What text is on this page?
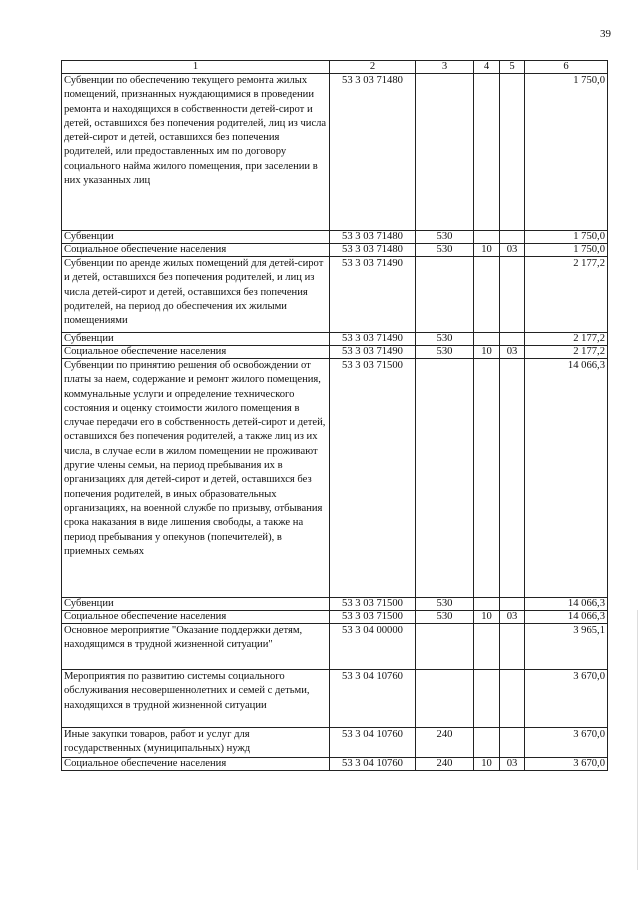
39
1	2	3	4	5	6
Субвенции по обеспечению текущего ремонта жилых помещений, признанных нуждающимися в проведении ремонта и находящихся в собственности детей-сирот и детей, оставшихся без попечения родителей, лиц из числа детей-сирот и детей, оставшихся без попечения родителей, или предоставленных им по договору социального найма жилого помещения, при заселении в них указанных лиц	53 3 03 71480				1 750,0
Субвенции	53 3 03 71480	530			1 750,0
Социальное обеспечение населения	53 3 03 71480	530	10	03	1 750,0
Субвенции по аренде жилых помещений для детей-сирот и детей, оставшихся без попечения родителей, и лиц из числа детей-сирот и детей, оставшихся без попечения родителей, на период до обеспечения их жилыми помещениями	53 3 03 71490				2 177,2
Субвенции	53 3 03 71490	530			2 177,2
Социальное обеспечение населения	53 3 03 71490	530	10	03	2 177,2
Субвенции по принятию решения об освобождении от платы за наем, содержание и ремонт жилого помещения, коммунальные услуги и определение технического состояния и оценку стоимости жилого помещения в случае передачи его в собственность детей-сирот и детей, оставшихся без попечения родителей, а также лиц из их числа, в случае если в жилом помещении не проживают другие члены семьи, на период пребывания их в организациях для детей-сирот и детей, оставшихся без попечения родителей, в иных образовательных организациях, на военной службе по призыву, отбывания срока наказания в виде лишения свободы, а также на период пребывания у опекунов (попечителей), в приемных семьях	53 3 03 71500				14 066,3
Субвенции	53 3 03 71500	530			14 066,3
Социальное обеспечение населения	53 3 03 71500	530	10	03	14 066,3
Основное мероприятие "Оказание поддержки детям, находящимся в трудной жизненной ситуации"	53 3 04 00000				3 965,1
Мероприятия по развитию системы социального обслуживания несовершеннолетних и семей с детьми, находящихся в трудной жизненной ситуации	53 3 04 10760				3 670,0
Иные закупки товаров, работ и услуг для государственных (муниципальных) нужд	53 3 04 10760	240			3 670,0
Социальное обеспечение населения	53 3 04 10760	240	10	03	3 670,0
